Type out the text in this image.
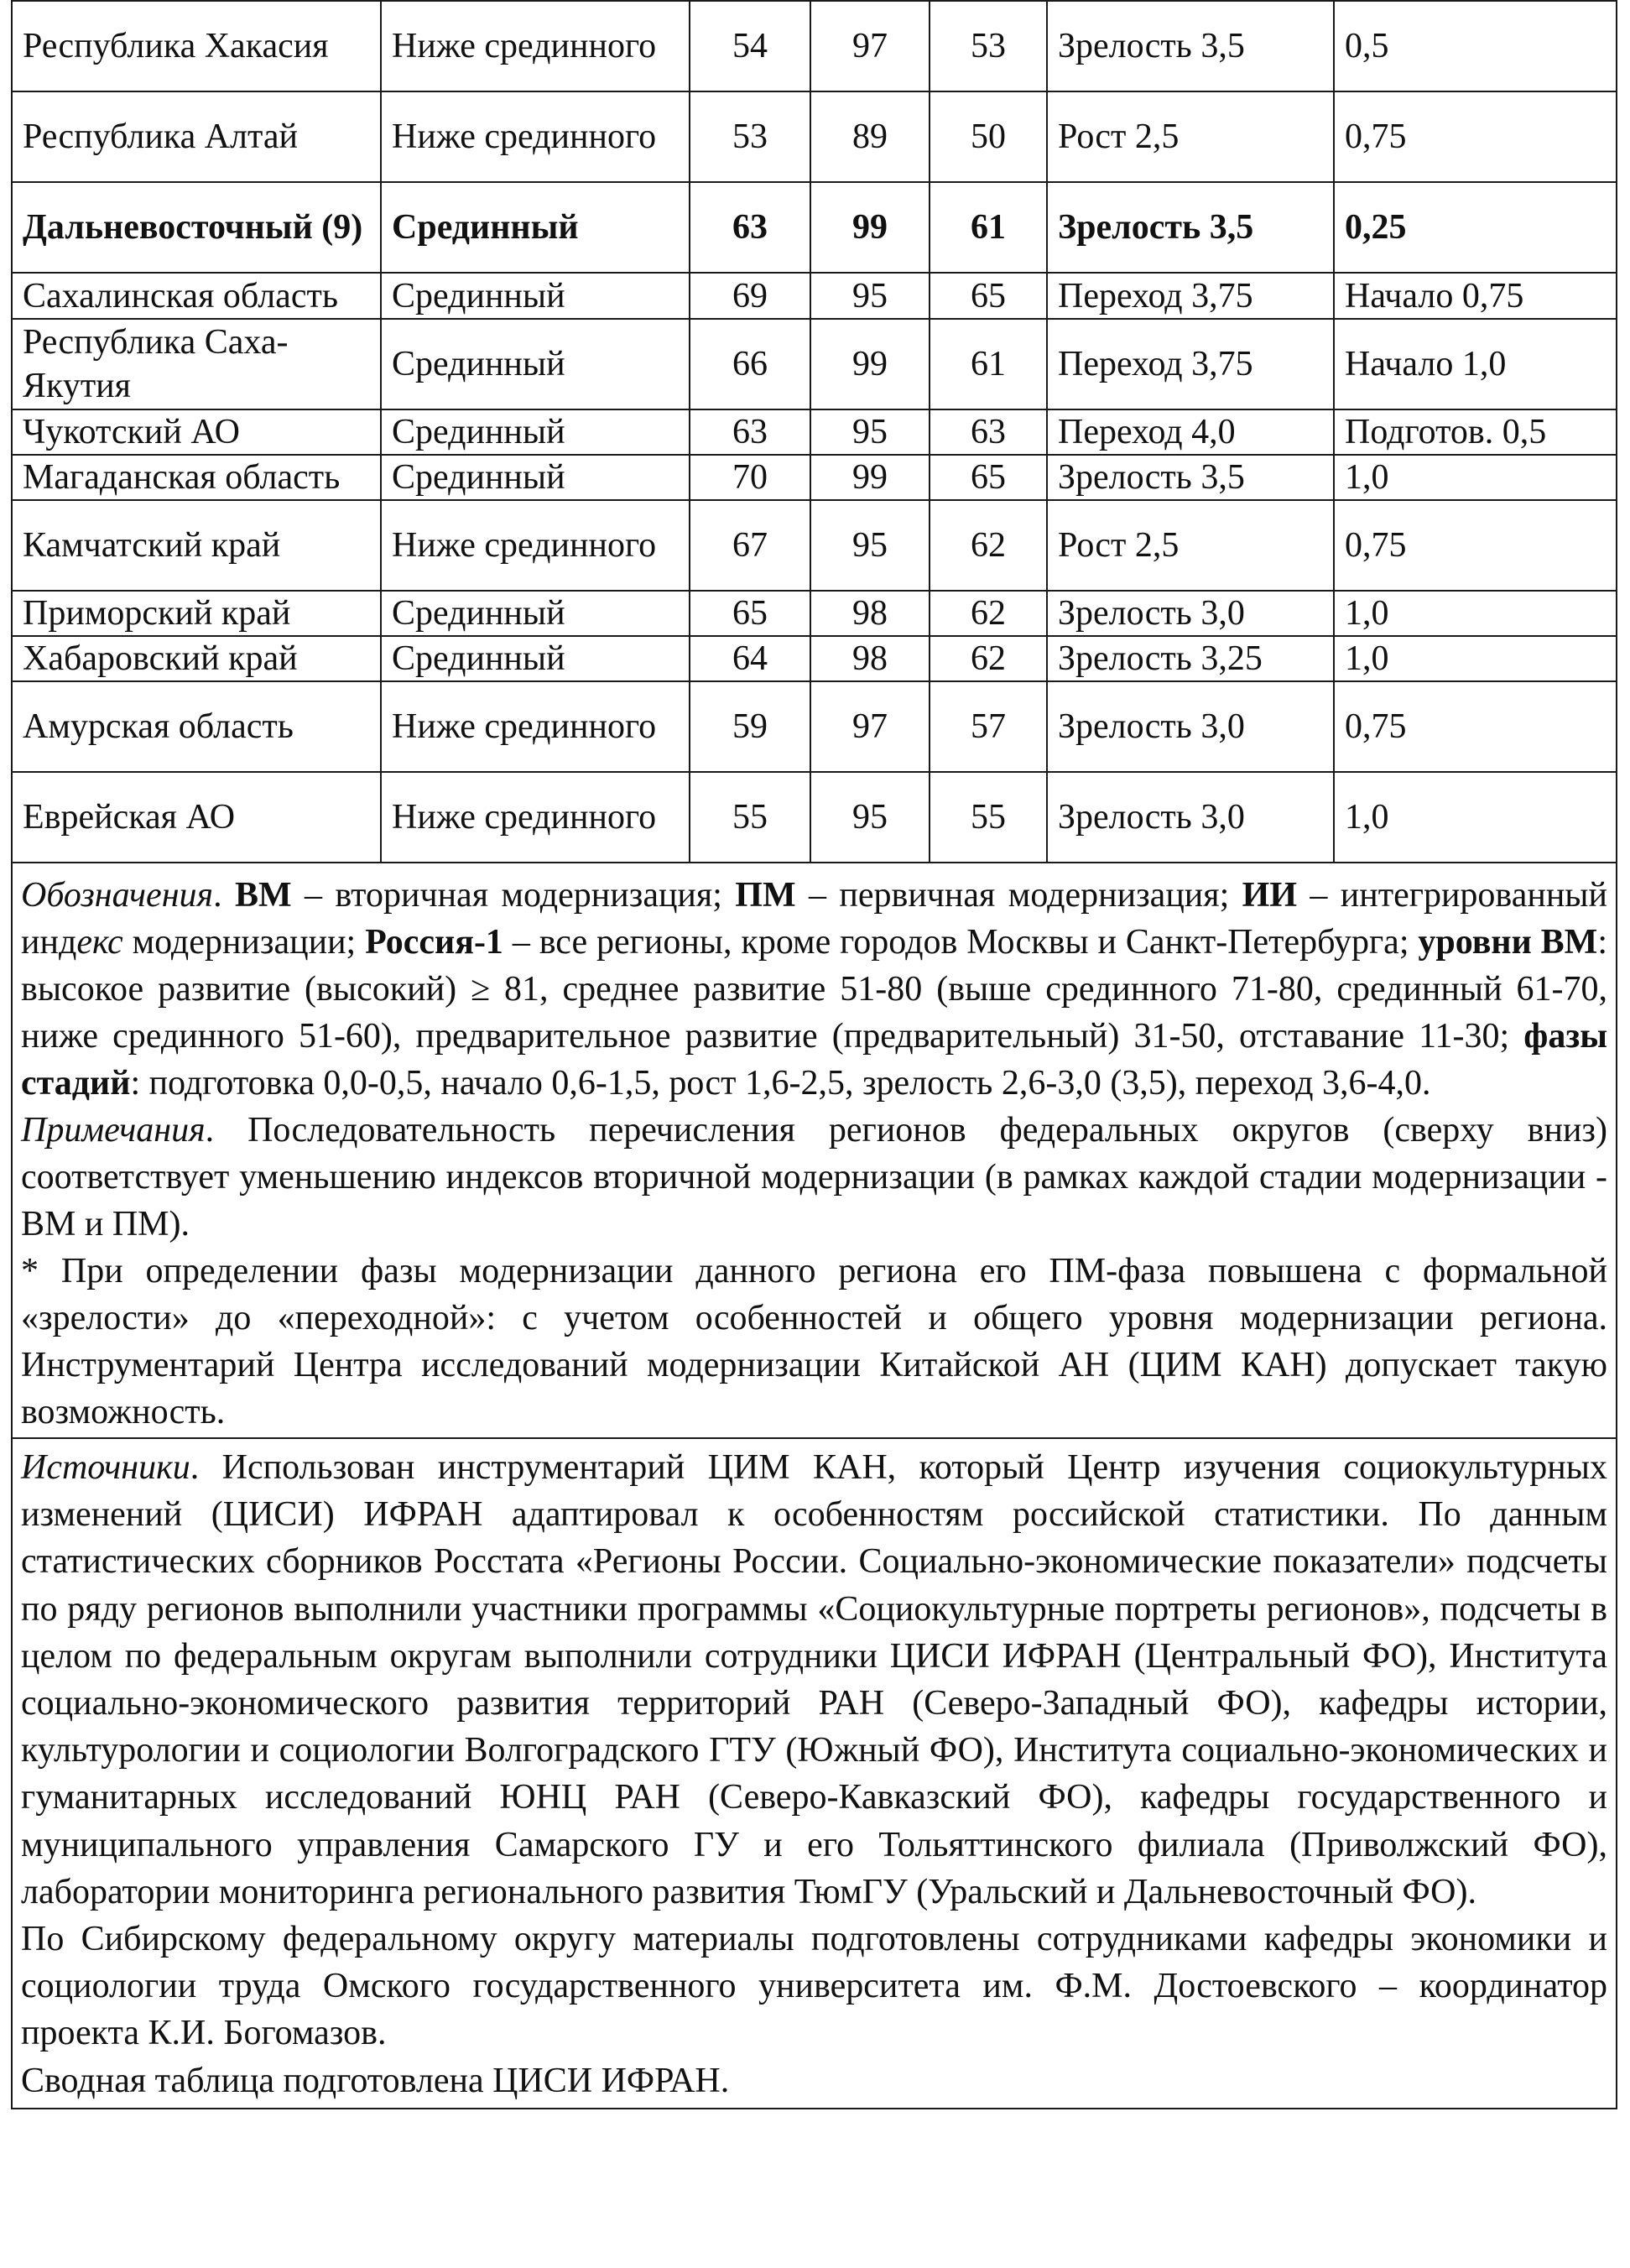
Республика Хакасия	Ниже срединного	54	97	53	Зрелость 3,5	0,5
Республика Алтай	Ниже срединного	53	89	50	Рост 2,5	0,75
Дальневосточный (9)	Срединный	63	99	61	Зрелость 3,5	0,25
Сахалинская область	Срединный	69	95	65	Переход 3,75	Начало 0,75
Республика Саха-Якутия	Срединный	66	99	61	Переход 3,75	Начало 1,0
Чукотский АО	Срединный	63	95	63	Переход 4,0	Подготов. 0,5
Магаданская область	Срединный	70	99	65	Зрелость 3,5	1,0
Камчатский край	Ниже срединного	67	95	62	Рост 2,5	0,75
Приморский край	Срединный	65	98	62	Зрелость 3,0	1,0
Хабаровский край	Срединный	64	98	62	Зрелость 3,25	1,0
Амурская область	Ниже срединного	59	97	57	Зрелость 3,0	0,75
Еврейская АО	Ниже срединного	55	95	55	Зрелость 3,0	1,0

Обозначения. ВМ – вторичная модернизация; ПМ – первичная модернизация; ИИ – интегрированный индекс модернизации; Россия-1 – все регионы, кроме городов Москвы и Санкт-Петербурга; уровни ВМ: высокое развитие (высокий) ≥ 81, среднее развитие 51-80 (выше срединного 71-80, срединный 61-70, ниже срединного 51-60), предварительное развитие (предварительный) 31-50, отставание 11-30; фазы стадий: подготовка 0,0-0,5, начало 0,6-1,5, рост 1,6-2,5, зрелость 2,6-3,0 (3,5), переход 3,6-4,0.

Примечания. Последовательность перечисления регионов федеральных округов (сверху вниз) соответствует уменьшению индексов вторичной модернизации (в рамках каждой стадии модернизации - ВМ и ПМ).

* При определении фазы модернизации данного региона его ПМ-фаза повышена с формальной «зрелости» до «переходной»: с учетом особенностей и общего уровня модернизации региона. Инструментарий Центра исследований модернизации Китайской АН (ЦИМ КАН) допускает такую возможность.						

Источники. Использован инструментарий ЦИМ КАН, который Центр изучения социокультурных изменений (ЦИСИ) ИФРАН адаптировал к особенностям российской статистики. По данным статистических сборников Росстата «Регионы России. Социально-экономические показатели» подсчеты по ряду регионов выполнили участники программы «Социокультурные портреты регионов», подсчеты в целом по федеральным округам выполнили сотрудники ЦИСИ ИФРАН (Центральный ФО), Института социально-экономического развития территорий РАН (Северо-Западный ФО), кафедры истории, культурологии и социологии Волгоградского ГТУ (Южный ФО), Института социально-экономических и гуманитарных исследований ЮНЦ РАН (Северо-Кавказский ФО), кафедры государственного и муниципального управления Самарского ГУ и его Тольяттинского филиала (Приволжский ФО), лаборатории мониторинга регионального развития ТюмГУ (Уральский и Дальневосточный ФО).

По Сибирскому федеральному округу материалы подготовлены сотрудниками кафедры экономики и социологии труда Омского государственного университета им. Ф.М. Достоевского – координатор проекта К.И. Богомазов.

Сводная таблица подготовлена ЦИСИ ИФРАН.						
